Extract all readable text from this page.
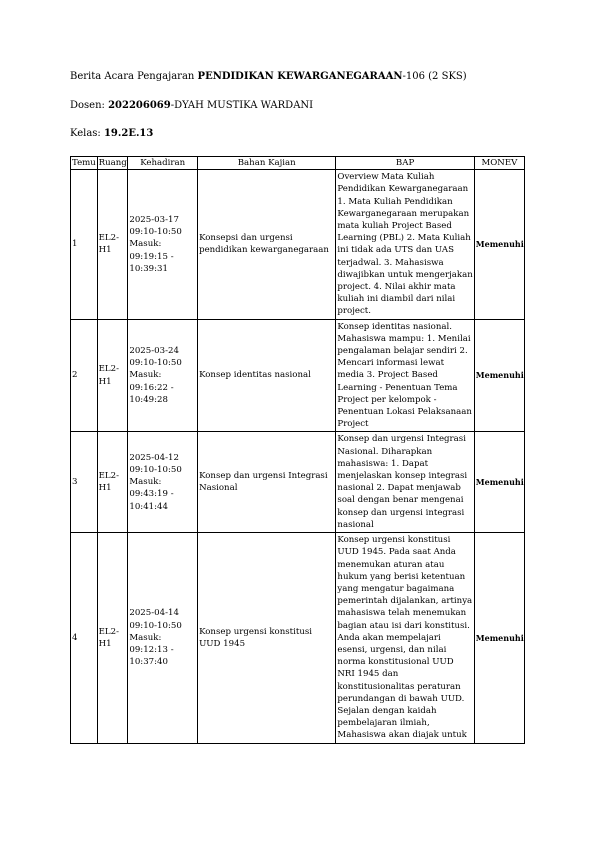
Berita Acara Pengajaran PENDIDIKAN KEWARGANEGARAAN-106 (2 SKS)
Dosen: 202206069-DYAH MUSTIKA WARDANI
Kelas: 19.2E.13
Temu	Ruang	Kehadiran	Bahan Kajian	BAP	MONEV
1	EL2-H1	2025-03-17 09:10-10:50 Masuk: 09:19:15 - 10:39:31	Konsepsi dan urgensi pendidikan kewarganegaraan	Overview Mata Kuliah Pendidikan Kewarganegaraan 1. Mata Kuliah Pendidikan Kewarganegaraan merupakan mata kuliah Project Based Learning (PBL) 2. Mata Kuliah ini tidak ada UTS dan UAS terjadwal. 3. Mahasiswa diwajibkan untuk mengerjakan project. 4. Nilai akhir mata kuliah ini diambil dari nilai project.	Memenuhi
2	EL2-H1	2025-03-24 09:10-10:50 Masuk: 09:16:22 - 10:49:28	Konsep identitas nasional	Konsep identitas nasional. Mahasiswa mampu: 1. Menilai pengalaman belajar sendiri 2. Mencari informasi lewat media 3. Project Based Learning - Penentuan Tema Project per kelompok - Penentuan Lokasi Pelaksanaan Project	Memenuhi
3	EL2-H1	2025-04-12 09:10-10:50 Masuk: 09:43:19 - 10:41:44	Konsep dan urgensi Integrasi Nasional	Konsep dan urgensi Integrasi Nasional. Diharapkan mahasiswa: 1. Dapat menjelaskan konsep integrasi nasional 2. Dapat menjawab soal dengan benar mengenai konsep dan urgensi integrasi nasional	Memenuhi
4	EL2-H1	2025-04-14 09:10-10:50 Masuk: 09:12:13 - 10:37:40	Konsep urgensi konstitusi UUD 1945	Konsep urgensi konstitusi UUD 1945. Pada saat Anda menemukan aturan atau hukum yang berisi ketentuan yang mengatur bagaimana pemerintah dijalankan, artinya mahasiswa telah menemukan bagian atau isi dari konstitusi. Anda akan mempelajari esensi, urgensi, dan nilai norma konstitusional UUD NRI 1945 dan konstitusionalitas peraturan perundangan di bawah UUD. Sejalan dengan kaidah pembelajaran ilmiah, Mahasiswa akan diajak untuk	Memenuhi
